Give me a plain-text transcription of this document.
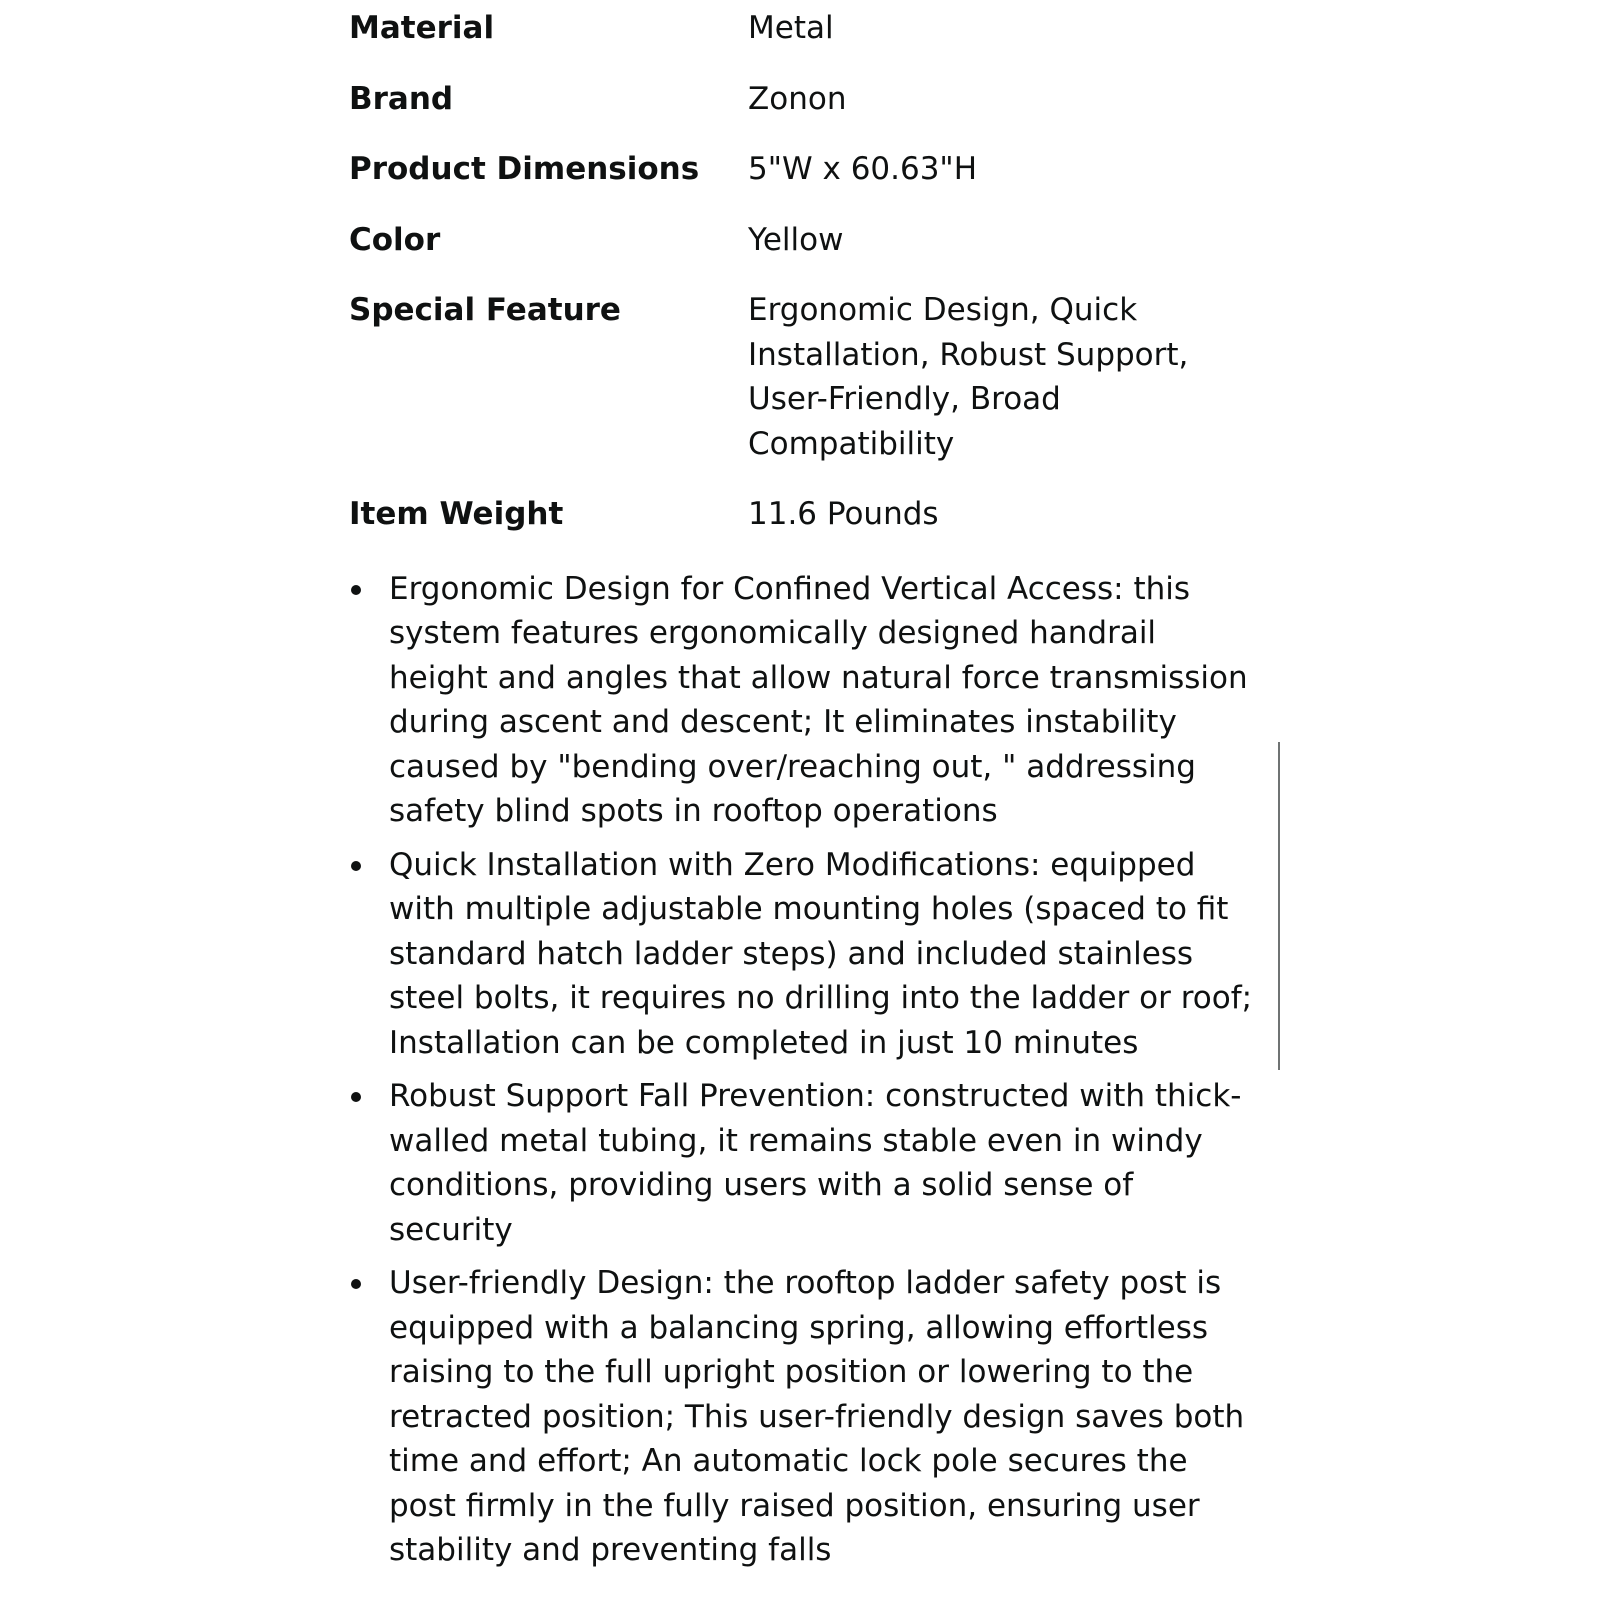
Material	Metal
Brand	Zonon
Product Dimensions	5"W x 60.63"H
Color	Yellow
Special Feature	Ergonomic Design, Quick Installation, Robust Support, User-Friendly, Broad Compatibility
Item Weight	11.6 Pounds
Ergonomic Design for Confined Vertical Access: this system features ergonomically designed handrail height and angles that allow natural force transmission during ascent and descent; It eliminates instability caused by "bending over/reaching out, " addressing safety blind spots in rooftop operations
Quick Installation with Zero Modifications: equipped with multiple adjustable mounting holes (spaced to fit standard hatch ladder steps) and included stainless steel bolts, it requires no drilling into the ladder or roof; Installation can be completed in just 10 minutes
Robust Support Fall Prevention: constructed with thick-walled metal tubing, it remains stable even in windy conditions, providing users with a solid sense of security
User-friendly Design: the rooftop ladder safety post is equipped with a balancing spring, allowing effortless raising to the full upright position or lowering to the retracted position; This user-friendly design saves both time and effort; An automatic lock pole secures the post firmly in the fully raised position, ensuring user stability and preventing falls
